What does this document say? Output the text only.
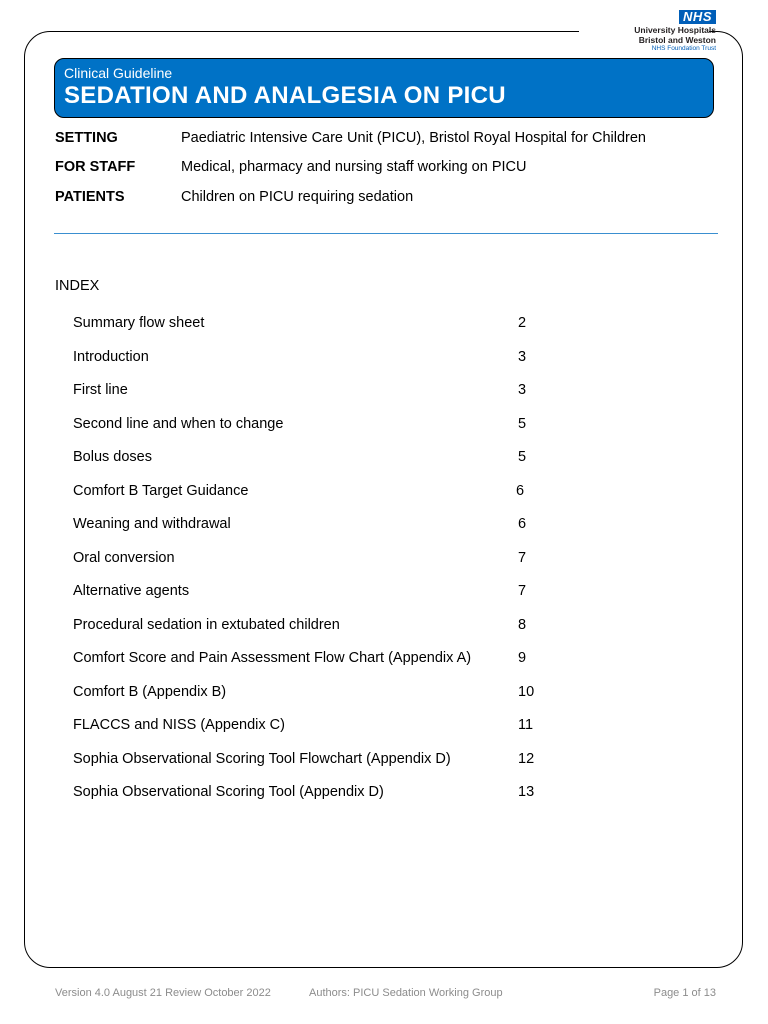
NHS
University Hospitals
Bristol and Weston
NHS Foundation Trust
Clinical Guideline
SEDATION AND ANALGESIA ON PICU
SETTING	Paediatric Intensive Care Unit (PICU), Bristol Royal Hospital for Children
FOR STAFF	Medical, pharmacy and nursing staff working on PICU
PATIENTS	Children on PICU requiring sedation
INDEX
Summary flow sheet	2
Introduction	3
First line	3
Second line and when to change	5
Bolus doses	5
Comfort B Target Guidance	6
Weaning and withdrawal	6
Oral conversion	7
Alternative agents	7
Procedural sedation in extubated children	8
Comfort Score and Pain Assessment Flow Chart (Appendix A)	9
Comfort B (Appendix B)	10
FLACCS and NISS (Appendix C)	11
Sophia Observational Scoring Tool Flowchart (Appendix D)	12
Sophia Observational Scoring Tool (Appendix D)	13
Version 4.0 August 21 Review October 2022	Authors: PICU Sedation Working Group	Page 1 of 13
